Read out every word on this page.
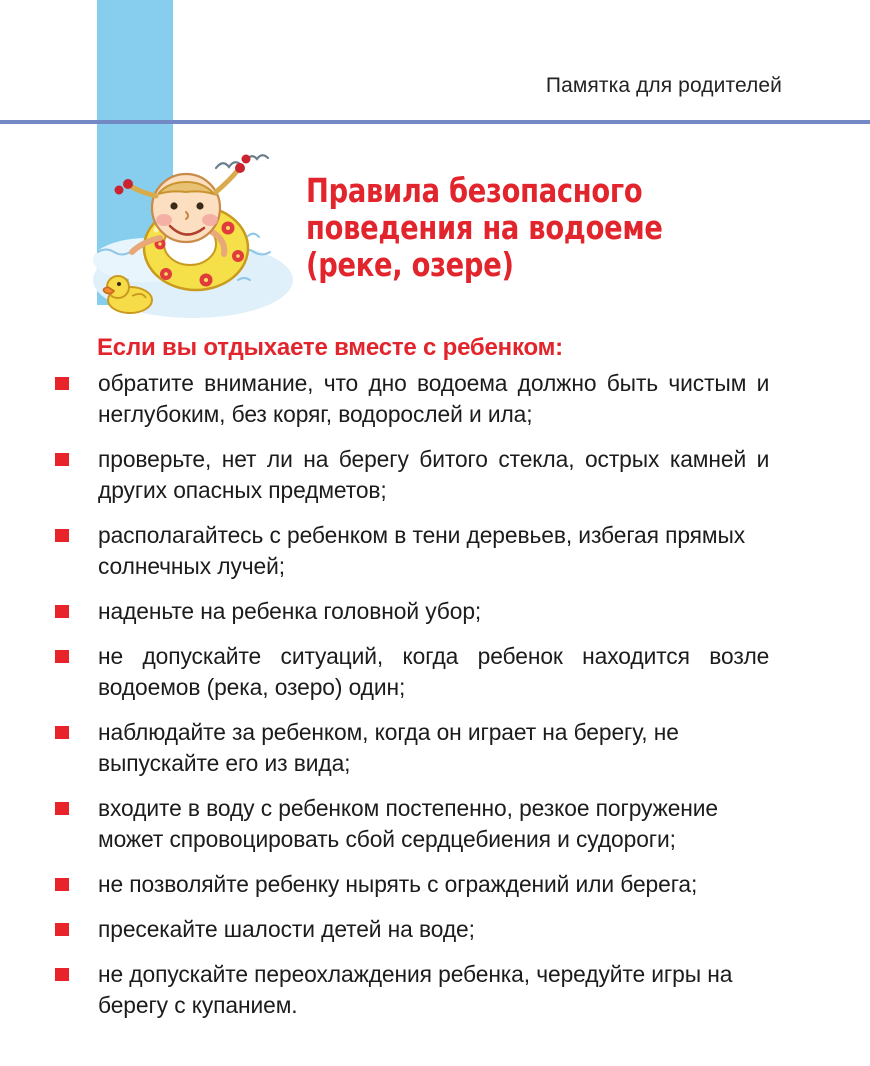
Памятка для родителей
Правила безопасного
поведения на водоеме
(реке, озере)
Если вы отдыхаете вместе с ребенком:
обратите внимание, что дно водоема должно быть чистым и неглубоким, без коряг, водорослей и ила;
проверьте, нет ли на берегу битого стекла, острых камней и других опасных предметов;
располагайтесь с ребенком в тени деревьев, избегая прямых солнечных лучей;
наденьте на ребенка головной убор;
не допускайте ситуаций, когда ребенок находится возле водоемов (река, озеро) один;
наблюдайте за ребенком, когда он играет на берегу, не выпускайте его из вида;
входите в воду с ребенком постепенно, резкое погружение может спровоцировать сбой сердцебиения и судороги;
не позволяйте ребенку нырять с ограждений или берега;
пресекайте шалости детей на воде;
не допускайте переохлаждения ребенка, чередуйте игры на берегу с купанием.
